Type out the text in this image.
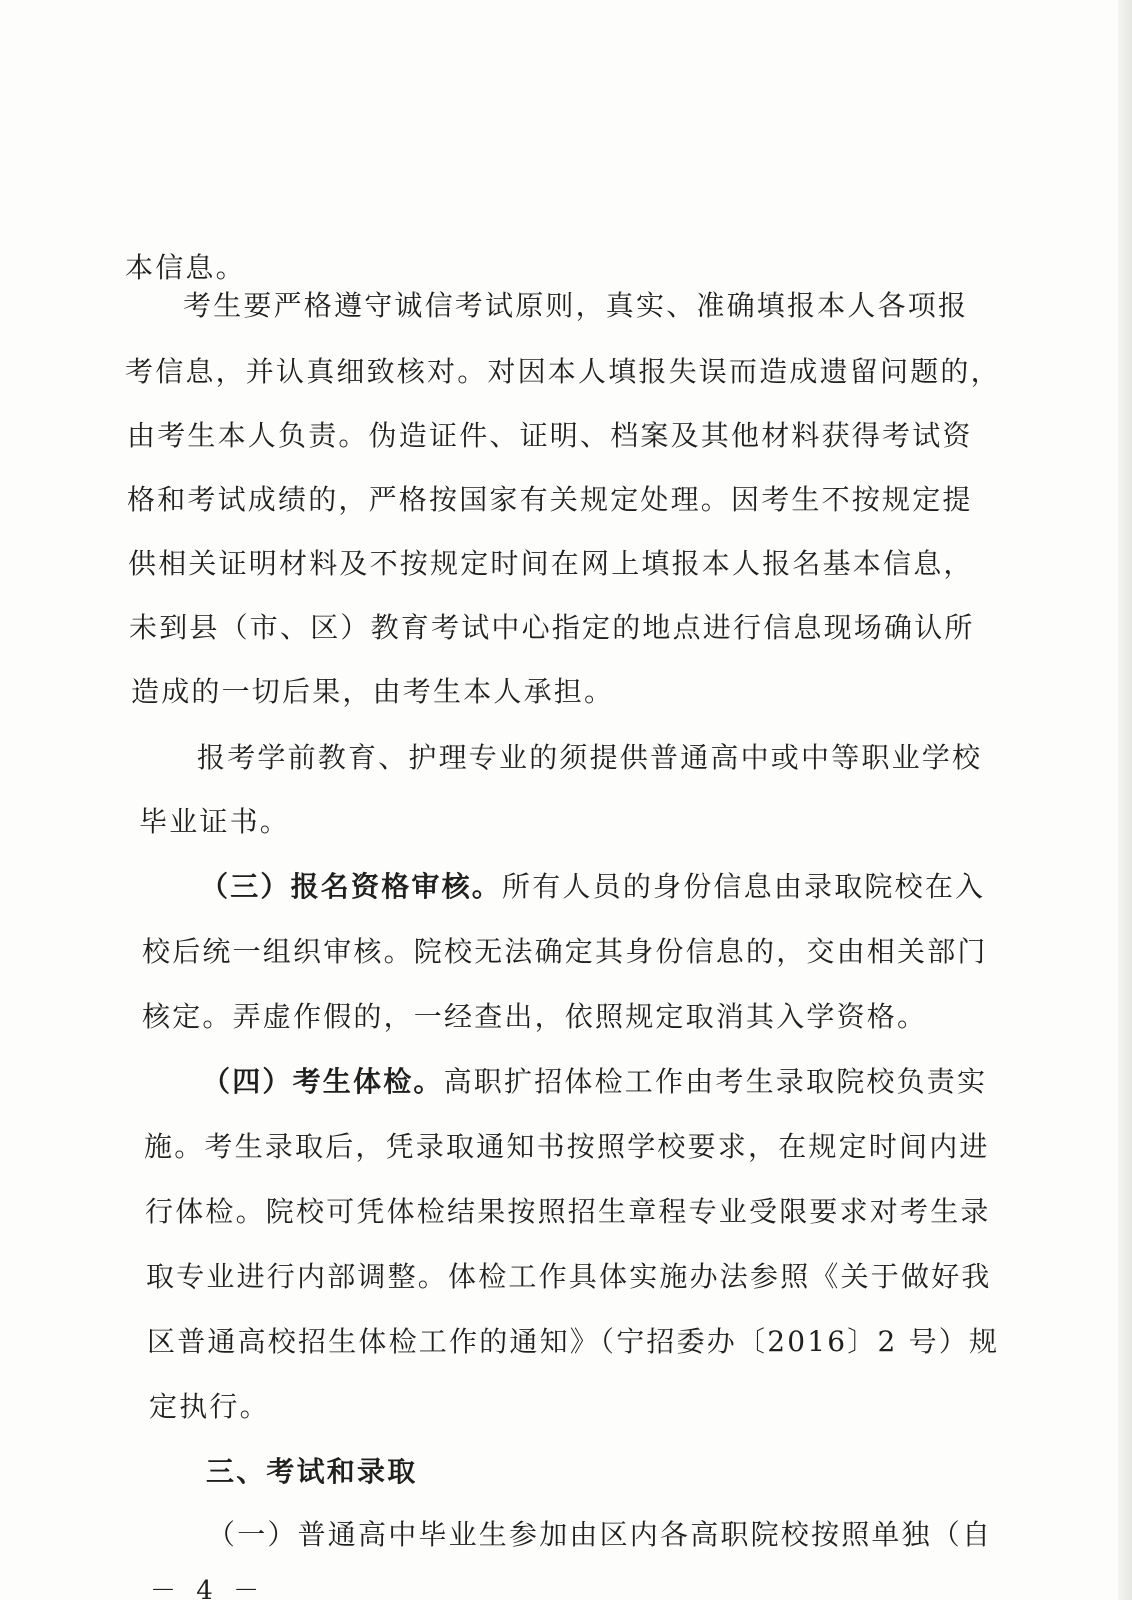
本信息。
考生要严格遵守诚信考试原则，真实、准确填报本人各项报
考信息，并认真细致核对。对因本人填报失误而造成遗留问题的，
由考生本人负责。伪造证件、证明、档案及其他材料获得考试资
格和考试成绩的，严格按国家有关规定处理。因考生不按规定提
供相关证明材料及不按规定时间在网上填报本人报名基本信息，
未到县（市、区）教育考试中心指定的地点进行信息现场确认所
造成的一切后果，由考生本人承担。
报考学前教育、护理专业的须提供普通高中或中等职业学校
毕业证书。
（三）报名资格审核。所有人员的身份信息由录取院校在入
校后统一组织审核。院校无法确定其身份信息的，交由相关部门
核定。弄虚作假的，一经查出，依照规定取消其入学资格。
（四）考生体检。高职扩招体检工作由考生录取院校负责实
施。考生录取后，凭录取通知书按照学校要求，在规定时间内进
行体检。院校可凭体检结果按照招生章程专业受限要求对考生录
取专业进行内部调整。体检工作具体实施办法参照《关于做好我
区普通高校招生体检工作的通知》（宁招委办〔2016〕2 号）规
定执行。
三、考试和录取
（一）普通高中毕业生参加由区内各高职院校按照单独（自
－ 4 －
